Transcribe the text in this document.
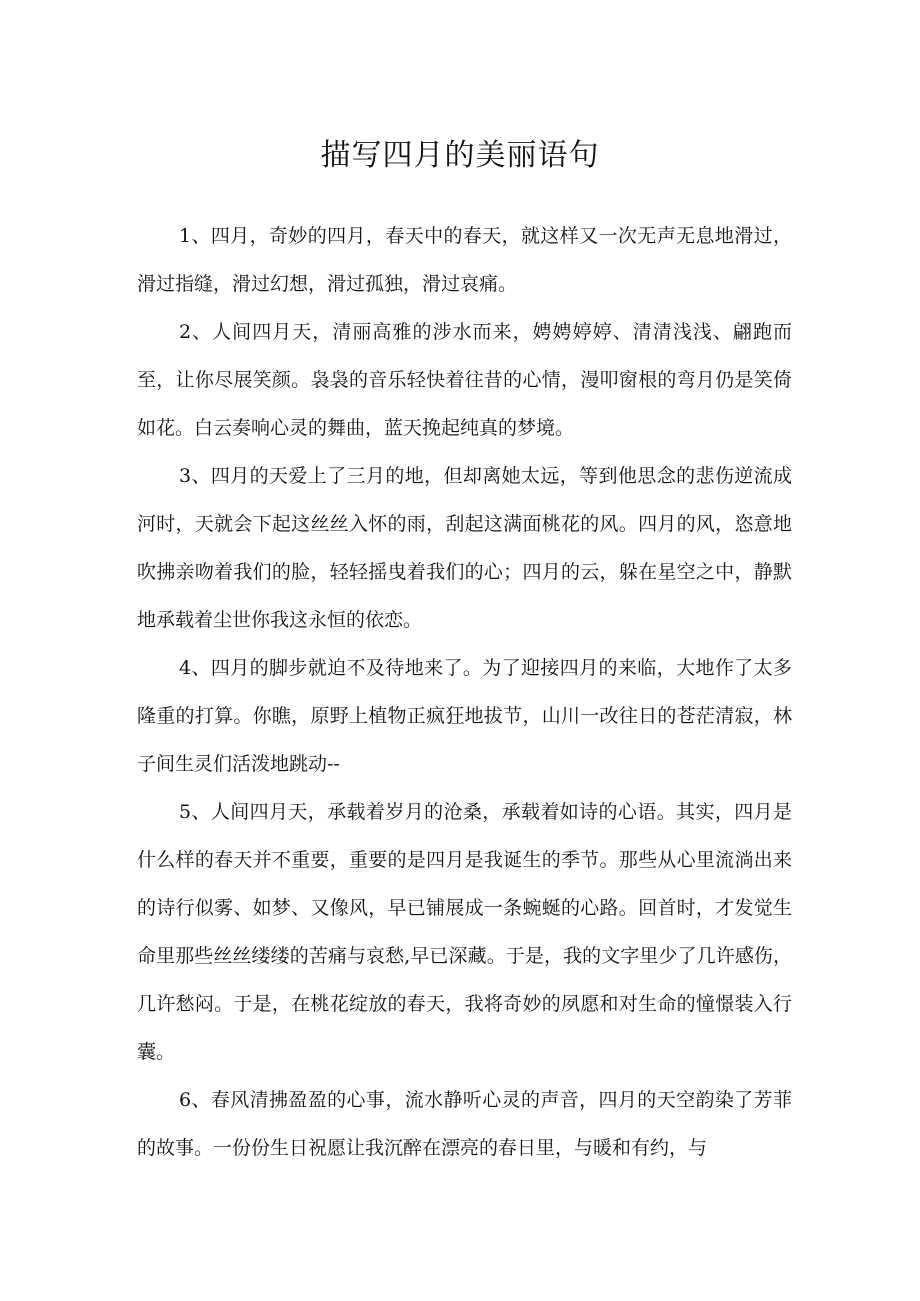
描写四月的美丽语句

1、四月，奇妙的四月，春天中的春天，就这样又一次无声无息地滑过，滑过指缝，滑过幻想，滑过孤独，滑过哀痛。

2、人间四月天，清丽高雅的涉水而来，娉娉婷婷、清清浅浅、翩跑而至，让你尽展笑颜。袅袅的音乐轻快着往昔的心情，漫叩窗根的弯月仍是笑倚如花。白云奏响心灵的舞曲，蓝天挽起纯真的梦境。

3、四月的天爱上了三月的地，但却离她太远，等到他思念的悲伤逆流成河时，天就会下起这丝丝入怀的雨，刮起这满面桃花的风。四月的风，恣意地吹拂亲吻着我们的脸，轻轻摇曳着我们的心；四月的云，躲在星空之中，静默地承载着尘世你我这永恒的依恋。

4、四月的脚步就迫不及待地来了。为了迎接四月的来临，大地作了太多隆重的打算。你瞧，原野上植物正疯狂地拔节，山川一改往日的苍茫清寂，林子间生灵们活泼地跳动--

5、人间四月天，承载着岁月的沧桑，承载着如诗的心语。其实，四月是什么样的春天并不重要，重要的是四月是我诞生的季节。那些从心里流淌出来的诗行似雾、如梦、又像风，早已铺展成一条蜿蜒的心路。回首时，才发觉生命里那些丝丝缕缕的苦痛与哀愁,早已深藏。于是，我的文字里少了几许感伤，几许愁闷。于是，在桃花绽放的春天，我将奇妙的夙愿和对生命的憧憬装入行囊。

6、春风清拂盈盈的心事，流水静听心灵的声音，四月的天空韵染了芳菲的故事。一份份生日祝愿让我沉醉在漂亮的春日里，与暖和有约，与
